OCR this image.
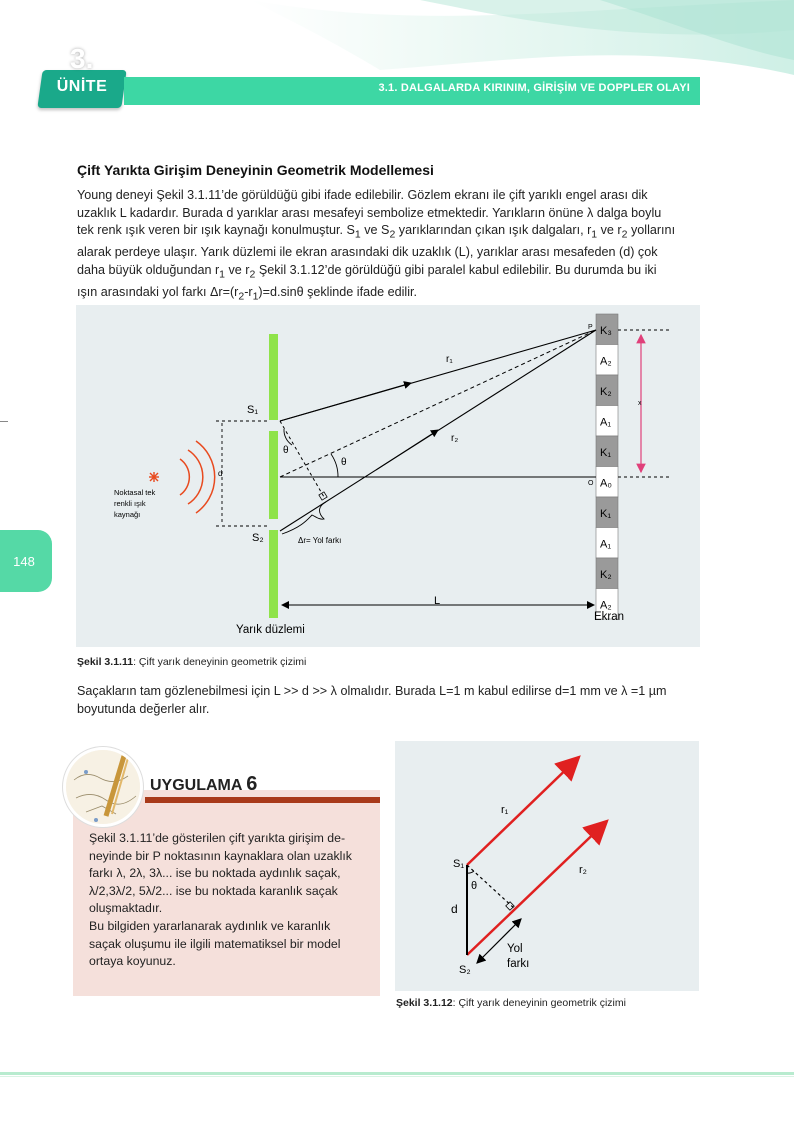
3.
ÜNİTE	3.1. DALGALARDA KIRINIM, GİRİŞİM VE DOPPLER OLAYI
148
Çift Yarıkta Girişim Deneyinin Geometrik Modellemesi
Young deneyi Şekil 3.1.11’de görüldüğü gibi ifade edilebilir. Gözlem ekranı ile çift yarıklı engel arası dik
uzaklık L kadardır. Burada d yarıklar arası mesafeyi sembolize etmektedir. Yarıkların önüne λ dalga boylu
tek renk ışık veren bir ışık kaynağı konulmuştur. $S_1$ ve $S_2$ yarıklarından çıkan ışık dalgaları, $r_1$ ve $r_2$ yollarını
alarak perdeye ulaşır. Yarık düzlemi ile ekran arasındaki dik uzaklık (L), yarıklar arası mesafeden (d) çok
daha büyük olduğundan $r_1$ ve $r_2$ Şekil 3.1.12’de görüldüğü gibi paralel kabul edilebilir. Bu durumda bu iki
ışın arasındaki yol farkı $\Delta r=(r_2-r_1)=d.\sin\theta$ şeklinde ifade edilir.
K₃
A₂
K₂
A₁
K₁
A₀
K₁
A₁
K₂
A₂
P
O
x
r₁
r₂
S₁
S₂
d
θ
θ
Δr= Yol farkı
Noktasal tek
renkli ışık
kaynağı
L
Yarık düzlemi
Ekran
Şekil 3.1.11: Çift yarık deneyinin geometrik çizimi
Saçakların tam gözlenebilmesi için L >> d >> λ olmalıdır. Burada L=1 m kabul edilirse d=1 mm ve λ =1 µm
boyutunda değerler alır.
UYGULAMA 6
Şekil 3.1.11’de gösterilen çift yarıkta girişim de-
neyinde bir P noktasının kaynaklara olan uzaklık
farkı λ, 2λ, 3λ... ise bu noktada aydınlık saçak,
λ/2,3λ/2, 5λ/2... ise bu noktada karanlık saçak
oluşmaktadır.
Bu bilgiden yararlanarak aydınlık ve karanlık
saçak oluşumu ile ilgili matematiksel bir model
ortaya koyunuz.
r₁
r₂
S₁
S₂
θ
d
Yol
farkı
Şekil 3.1.12: Çift yarık deneyinin geometrik çizimi
